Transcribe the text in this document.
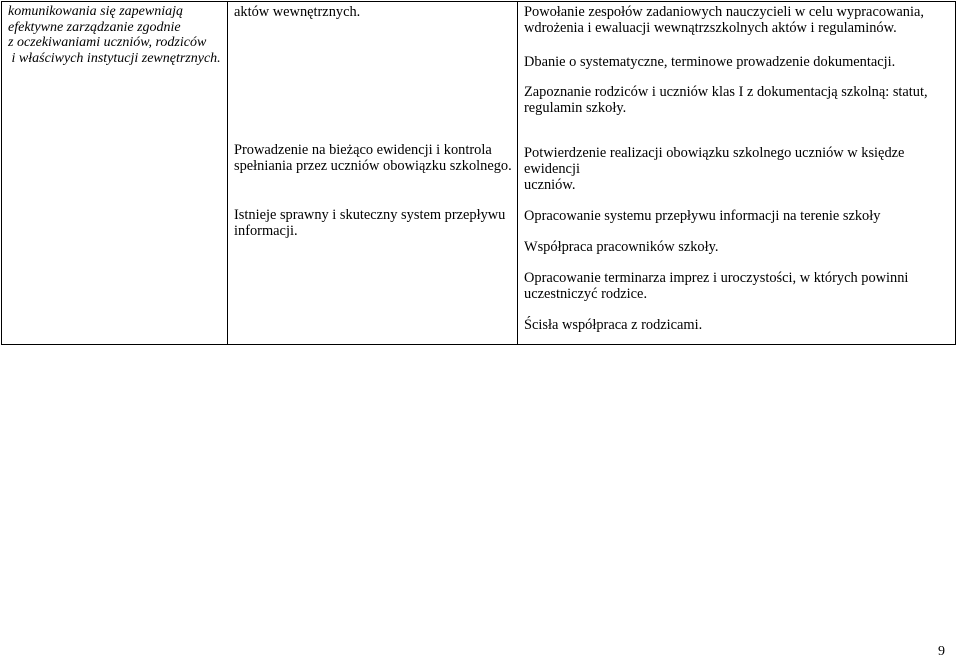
komunikowania się zapewniają
efektywne zarządzanie zgodnie
z oczekiwaniami uczniów, rodziców
i właściwych instytucji zewnętrznych.
aktów wewnętrznych.
Prowadzenie na bieżąco ewidencji i kontrola
spełniania przez uczniów obowiązku szkolnego.
Istnieje sprawny i skuteczny system przepływu
informacji.
Powołanie zespołów zadaniowych nauczycieli w celu wypracowania,
wdrożenia i ewaluacji wewnątrzszkolnych aktów i regulaminów.
Dbanie o systematyczne, terminowe prowadzenie dokumentacji.
Zapoznanie rodziców i uczniów klas I z dokumentacją szkolną: statut,
regulamin szkoły.
Potwierdzenie realizacji obowiązku szkolnego uczniów w księdze ewidencji
uczniów.
Opracowanie systemu przepływu informacji na terenie szkoły
Współpraca pracowników szkoły.
Opracowanie terminarza imprez i uroczystości, w których powinni
uczestniczyć rodzice.
Ścisła współpraca z rodzicami.
9
